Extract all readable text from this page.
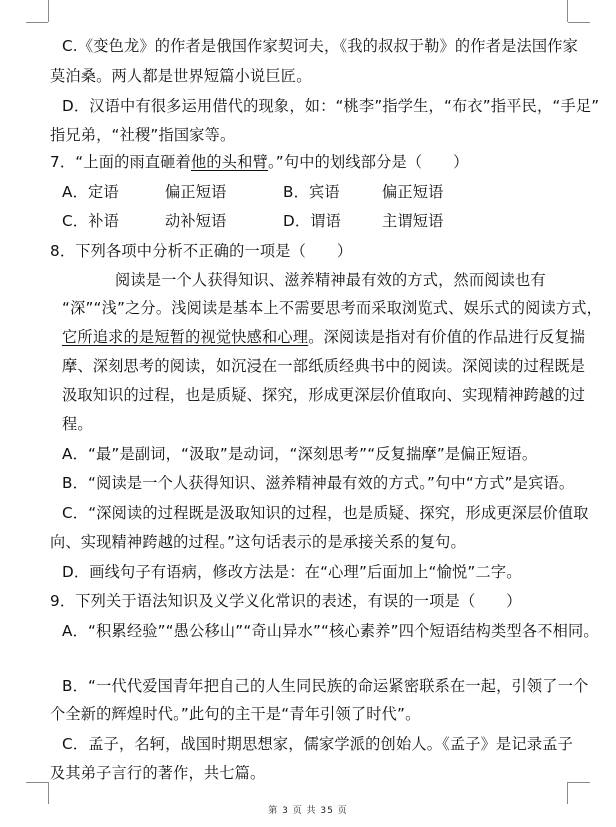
C.《变色龙》的作者是俄国作家契诃夫，《我的叔叔于勒》的作者是法国作家
莫泊桑。两人都是世界短篇小说巨匠。
D．汉语中有很多运用借代的现象，如：“桃李”指学生，“布衣”指平民，“手足”
指兄弟，“社稷”指国家等。
7．“上面的雨直砸着他的头和臂。”句中的划线部分是（　　）
A．定语	偏正短语	B．宾语	偏正短语
C．补语	动补短语	D．谓语	主谓短语
8．下列各项中分析不正确的一项是（　　）
阅读是一个人获得知识、滋养精神最有效的方式，然而阅读也有
“深”“浅”之分。浅阅读是基本上不需要思考而采取浏览式、娱乐式的阅读方式，
它所追求的是短暂的视觉快感和心理。深阅读是指对有价值的作品进行反复揣
摩、深刻思考的阅读，如沉浸在一部纸质经典书中的阅读。深阅读的过程既是
汲取知识的过程，也是质疑、探究，形成更深层价值取向、实现精神跨越的过
程。
A．“最”是副词，“汲取”是动词，“深刻思考”“反复揣摩”是偏正短语。
B．“阅读是一个人获得知识、滋养精神最有效的方式。”句中“方式”是宾语。
C．“深阅读的过程既是汲取知识的过程，也是质疑、探究，形成更深层价值取
向、实现精神跨越的过程。”这句话表示的是承接关系的复句。
D．画线句子有语病，修改方法是：在“心理”后面加上“愉悦”二字。
9．下列关于语法知识及义学义化常识的表述，有误的一项是（　　）
A．“积累经验”“愚公移山”“奇山异水”“核心素养”四个短语结构类型各不相同。
B．“一代代爱国青年把自己的人生同民族的命运紧密联系在一起，引领了一个
个全新的辉煌时代。”此句的主干是“青年引领了时代”。
C．孟子，名轲，战国时期思想家，儒家学派的创始人。《孟子》是记录孟子
及其弟子言行的著作，共七篇。
第 3 页 共 35 页
